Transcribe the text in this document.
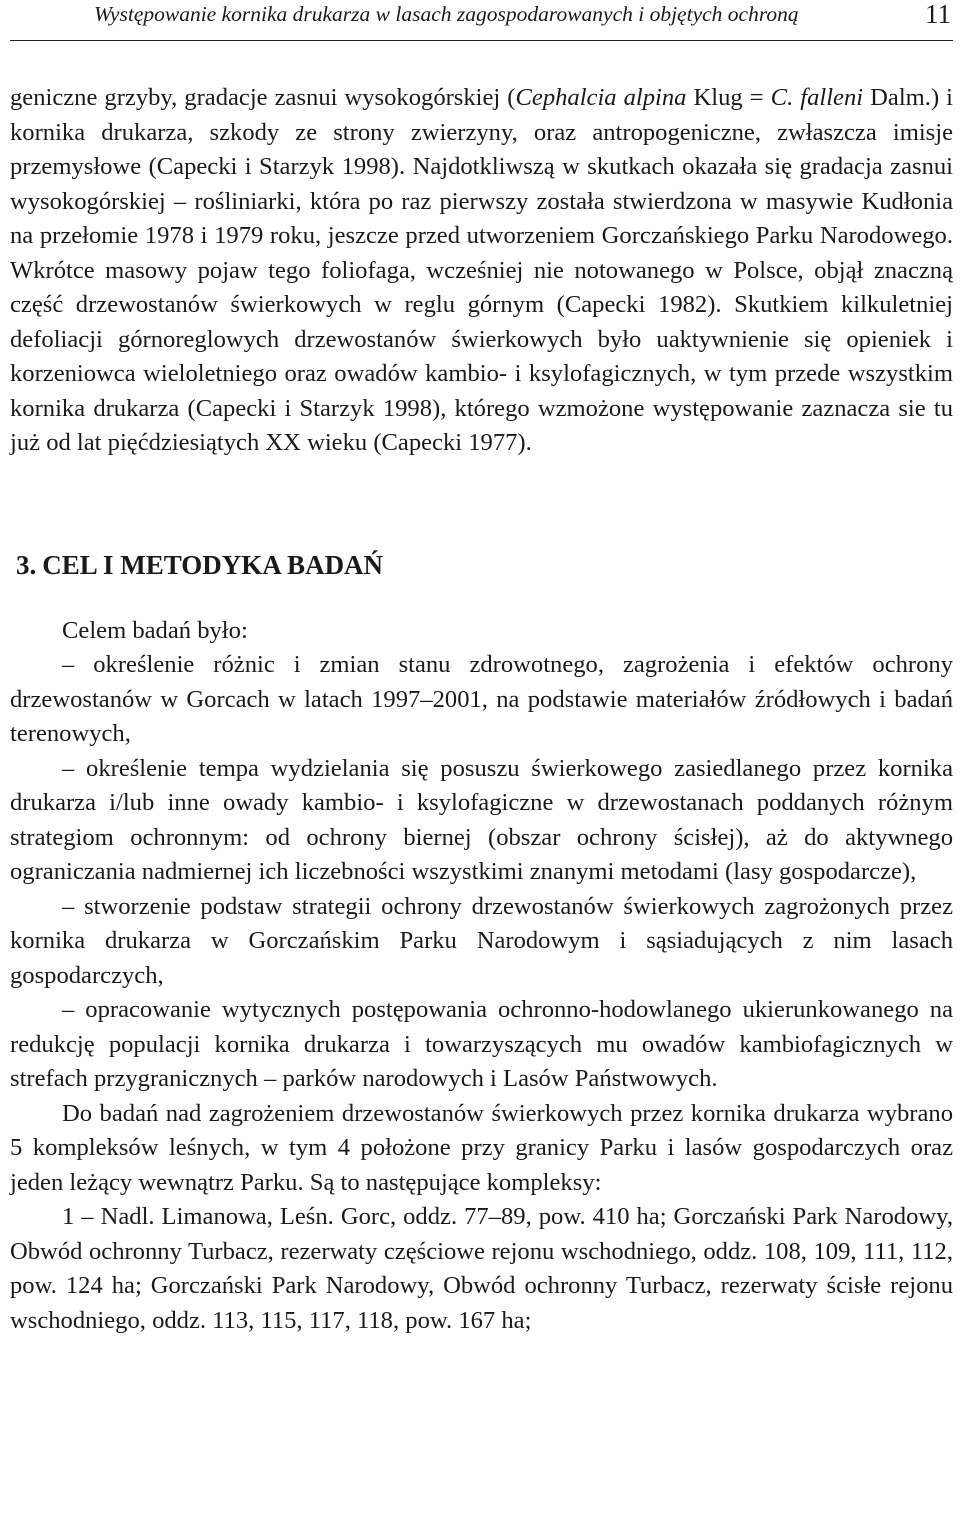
Występowanie kornika drukarza w lasach zagospodarowanych i objętych ochroną	11

geniczne grzyby, gradacje zasnui wysokogórskiej (Cephalcia alpina Klug = C. falleni Dalm.) i kornika drukarza, szkody ze strony zwierzyny, oraz antropogeniczne, zwłaszcza imisje przemysłowe (Capecki i Starzyk 1998). Najdotkliwszą w skutkach okazała się gradacja zasnui wysokogórskiej – rośliniarki, która po raz pierwszy została stwierdzona w masywie Kudłonia na przełomie 1978 i 1979 roku, jeszcze przed utworzeniem Gorczańskiego Parku Narodowego. Wkrótce masowy pojaw tego foliofaga, wcześniej nie notowanego w Polsce, objął znaczną część drzewostanów świerkowych w reglu górnym (Capecki 1982). Skutkiem kilkuletniej defoliacji górnoreglowych drzewostanów świerkowych było uaktywnienie się opieniek i korzeniowca wieloletniego oraz owadów kambio- i ksylofagicznych, w tym przede wszystkim kornika drukarza (Capecki i Starzyk 1998), którego wzmożone występowanie zaznacza sie tu już od lat pięćdziesiątych XX wieku (Capecki 1977).

3. CEL I METODYKA BADAŃ

Celem badań było:

– określenie różnic i zmian stanu zdrowotnego, zagrożenia i efektów ochrony drzewostanów w Gorcach w latach 1997–2001, na podstawie materiałów źródłowych i badań terenowych,

– określenie tempa wydzielania się posuszu świerkowego zasiedlanego przez kornika drukarza i/lub inne owady kambio- i ksylofagiczne w drzewostanach poddanych różnym strategiom ochronnym: od ochrony biernej (obszar ochrony ścisłej), aż do aktywnego ograniczania nadmiernej ich liczebności wszystkimi znanymi metodami (lasy gospodarcze),

– stworzenie podstaw strategii ochrony drzewostanów świerkowych zagrożonych przez kornika drukarza w Gorczańskim Parku Narodowym i sąsiadujących z nim lasach gospodarczych,

– opracowanie wytycznych postępowania ochronno-hodowlanego ukierunkowanego na redukcję populacji kornika drukarza i towarzyszących mu owadów kambiofagicznych w strefach przygranicznych – parków narodowych i Lasów Państwowych.

Do badań nad zagrożeniem drzewostanów świerkowych przez kornika drukarza wybrano 5 kompleksów leśnych, w tym 4 położone przy granicy Parku i lasów gospodarczych oraz jeden leżący wewnątrz Parku. Są to następujące kompleksy:

1 – Nadl. Limanowa, Leśn. Gorc, oddz. 77–89, pow. 410 ha; Gorczański Park Narodowy, Obwód ochronny Turbacz, rezerwaty częściowe rejonu wschodniego, oddz. 108, 109, 111, 112, pow. 124 ha; Gorczański Park Narodowy, Obwód ochronny Turbacz, rezerwaty ścisłe rejonu wschodniego, oddz. 113, 115, 117, 118, pow. 167 ha;
